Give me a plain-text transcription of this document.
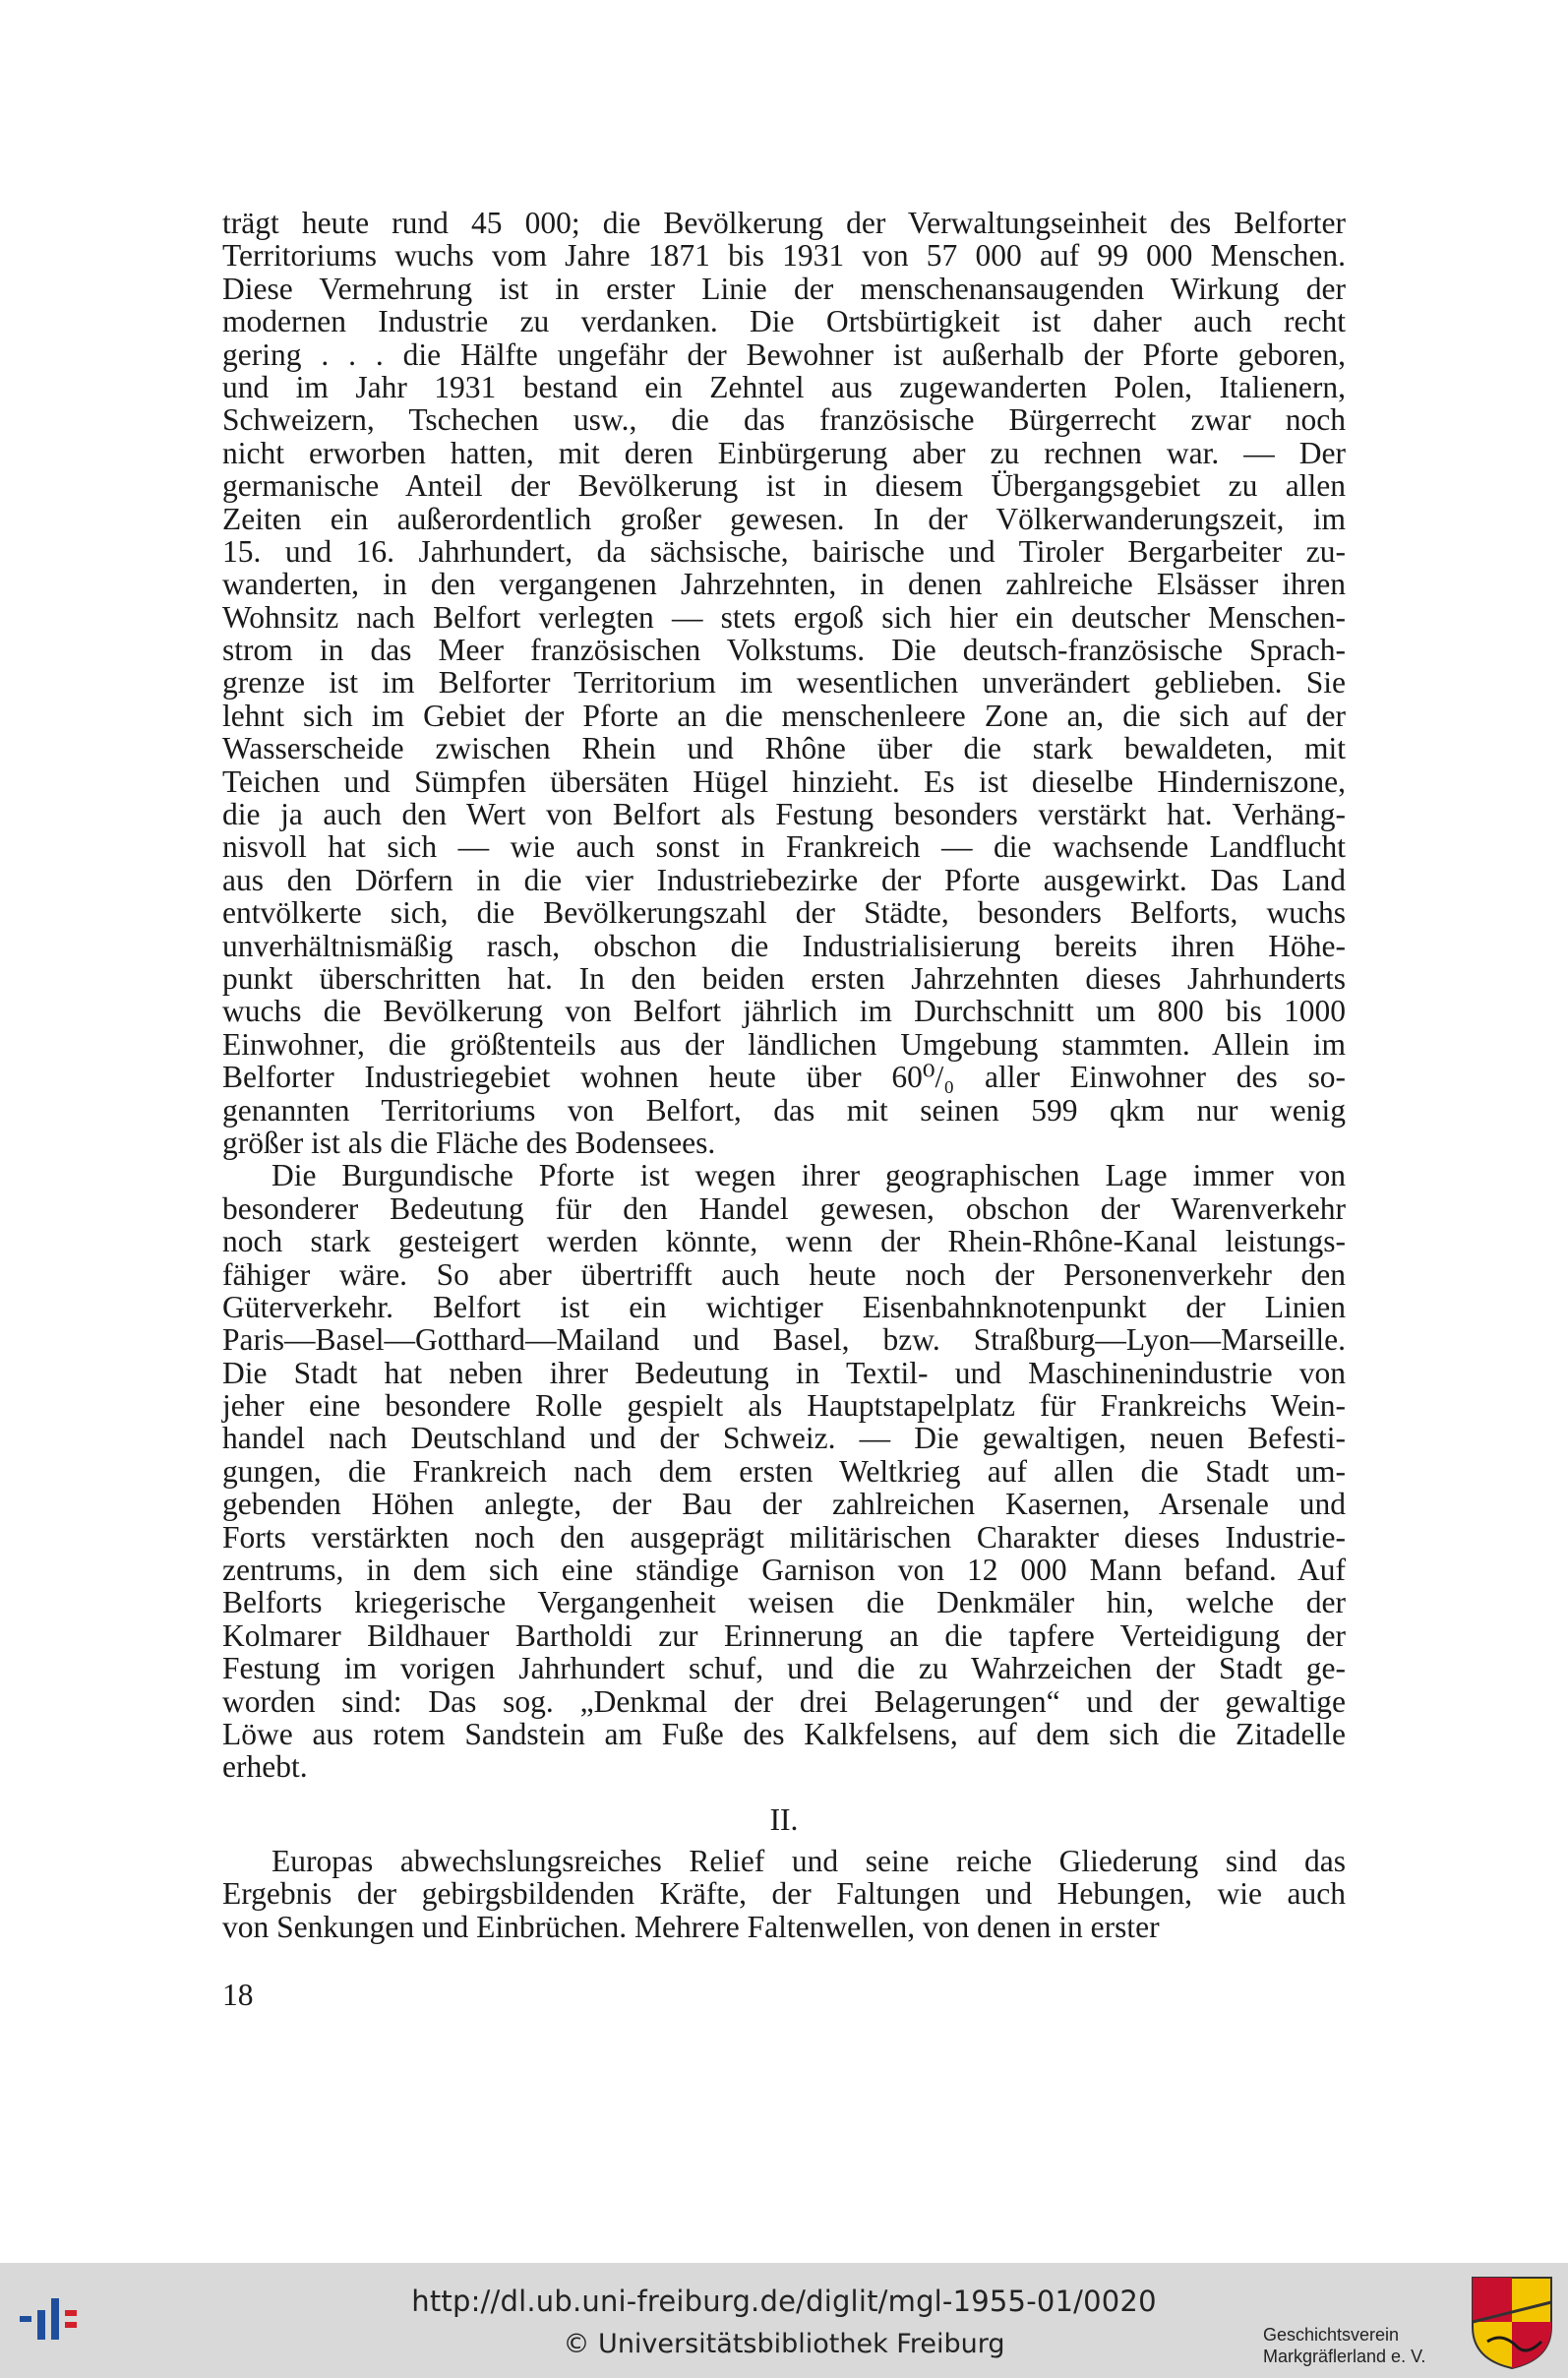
trägt heute rund 45 000; die Bevölkerung der Verwaltungseinheit des Belforter
Territoriums wuchs vom Jahre 1871 bis 1931 von 57 000 auf 99 000 Menschen.
Diese Vermehrung ist in erster Linie der menschenansaugenden Wirkung der
modernen Industrie zu verdanken. Die Ortsbürtigkeit ist daher auch recht
gering . . . die Hälfte ungefähr der Bewohner ist außerhalb der Pforte geboren,
und im Jahr 1931 bestand ein Zehntel aus zugewanderten Polen, Italienern,
Schweizern, Tschechen usw., die das französische Bürgerrecht zwar noch
nicht erworben hatten, mit deren Einbürgerung aber zu rechnen war. — Der
germanische Anteil der Bevölkerung ist in diesem Übergangsgebiet zu allen
Zeiten ein außerordentlich großer gewesen. In der Völkerwanderungszeit, im
15. und 16. Jahrhundert, da sächsische, bairische und Tiroler Bergarbeiter zu-
wanderten, in den vergangenen Jahrzehnten, in denen zahlreiche Elsässer ihren
Wohnsitz nach Belfort verlegten — stets ergoß sich hier ein deutscher Menschen-
strom in das Meer französischen Volkstums. Die deutsch-französische Sprach-
grenze ist im Belforter Territorium im wesentlichen unverändert geblieben. Sie
lehnt sich im Gebiet der Pforte an die menschenleere Zone an, die sich auf der
Wasserscheide zwischen Rhein und Rhône über die stark bewaldeten, mit
Teichen und Sümpfen übersäten Hügel hinzieht. Es ist dieselbe Hinderniszone,
die ja auch den Wert von Belfort als Festung besonders verstärkt hat. Verhäng-
nisvoll hat sich — wie auch sonst in Frankreich — die wachsende Landflucht
aus den Dörfern in die vier Industriebezirke der Pforte ausgewirkt. Das Land
entvölkerte sich, die Bevölkerungszahl der Städte, besonders Belforts, wuchs
unverhältnismäßig rasch, obschon die Industrialisierung bereits ihren Höhe-
punkt überschritten hat. In den beiden ersten Jahrzehnten dieses Jahrhunderts
wuchs die Bevölkerung von Belfort jährlich im Durchschnitt um 800 bis 1000
Einwohner, die größtenteils aus der ländlichen Umgebung stammten. Allein im
Belforter Industriegebiet wohnen heute über 60⁰/₀ aller Einwohner des so-
genannten Territoriums von Belfort, das mit seinen 599 qkm nur wenig
größer ist als die Fläche des Bodensees.
Die Burgundische Pforte ist wegen ihrer geographischen Lage immer von
besonderer Bedeutung für den Handel gewesen, obschon der Warenverkehr
noch stark gesteigert werden könnte, wenn der Rhein-Rhône-Kanal leistungs-
fähiger wäre. So aber übertrifft auch heute noch der Personenverkehr den
Güterverkehr. Belfort ist ein wichtiger Eisenbahnknotenpunkt der Linien
Paris—Basel—Gotthard—Mailand und Basel, bzw. Straßburg—Lyon—Marseille.
Die Stadt hat neben ihrer Bedeutung in Textil- und Maschinenindustrie von
jeher eine besondere Rolle gespielt als Hauptstapelplatz für Frankreichs Wein-
handel nach Deutschland und der Schweiz. — Die gewaltigen, neuen Befesti-
gungen, die Frankreich nach dem ersten Weltkrieg auf allen die Stadt um-
gebenden Höhen anlegte, der Bau der zahlreichen Kasernen, Arsenale und
Forts verstärkten noch den ausgeprägt militärischen Charakter dieses Industrie-
zentrums, in dem sich eine ständige Garnison von 12 000 Mann befand. Auf
Belforts kriegerische Vergangenheit weisen die Denkmäler hin, welche der
Kolmarer Bildhauer Bartholdi zur Erinnerung an die tapfere Verteidigung der
Festung im vorigen Jahrhundert schuf, und die zu Wahrzeichen der Stadt ge-
worden sind: Das sog. „Denkmal der drei Belagerungen“ und der gewaltige
Löwe aus rotem Sandstein am Fuße des Kalkfelsens, auf dem sich die Zitadelle
erhebt.
II.
Europas abwechslungsreiches Relief und seine reiche Gliederung sind das
Ergebnis der gebirgsbildenden Kräfte, der Faltungen und Hebungen, wie auch
von Senkungen und Einbrüchen. Mehrere Faltenwellen, von denen in erster
18
http://dl.ub.uni-freiburg.de/diglit/mgl-1955-01/0020
© Universitätsbibliothek Freiburg	Geschichtsverein
Markgräflerland e. V.
